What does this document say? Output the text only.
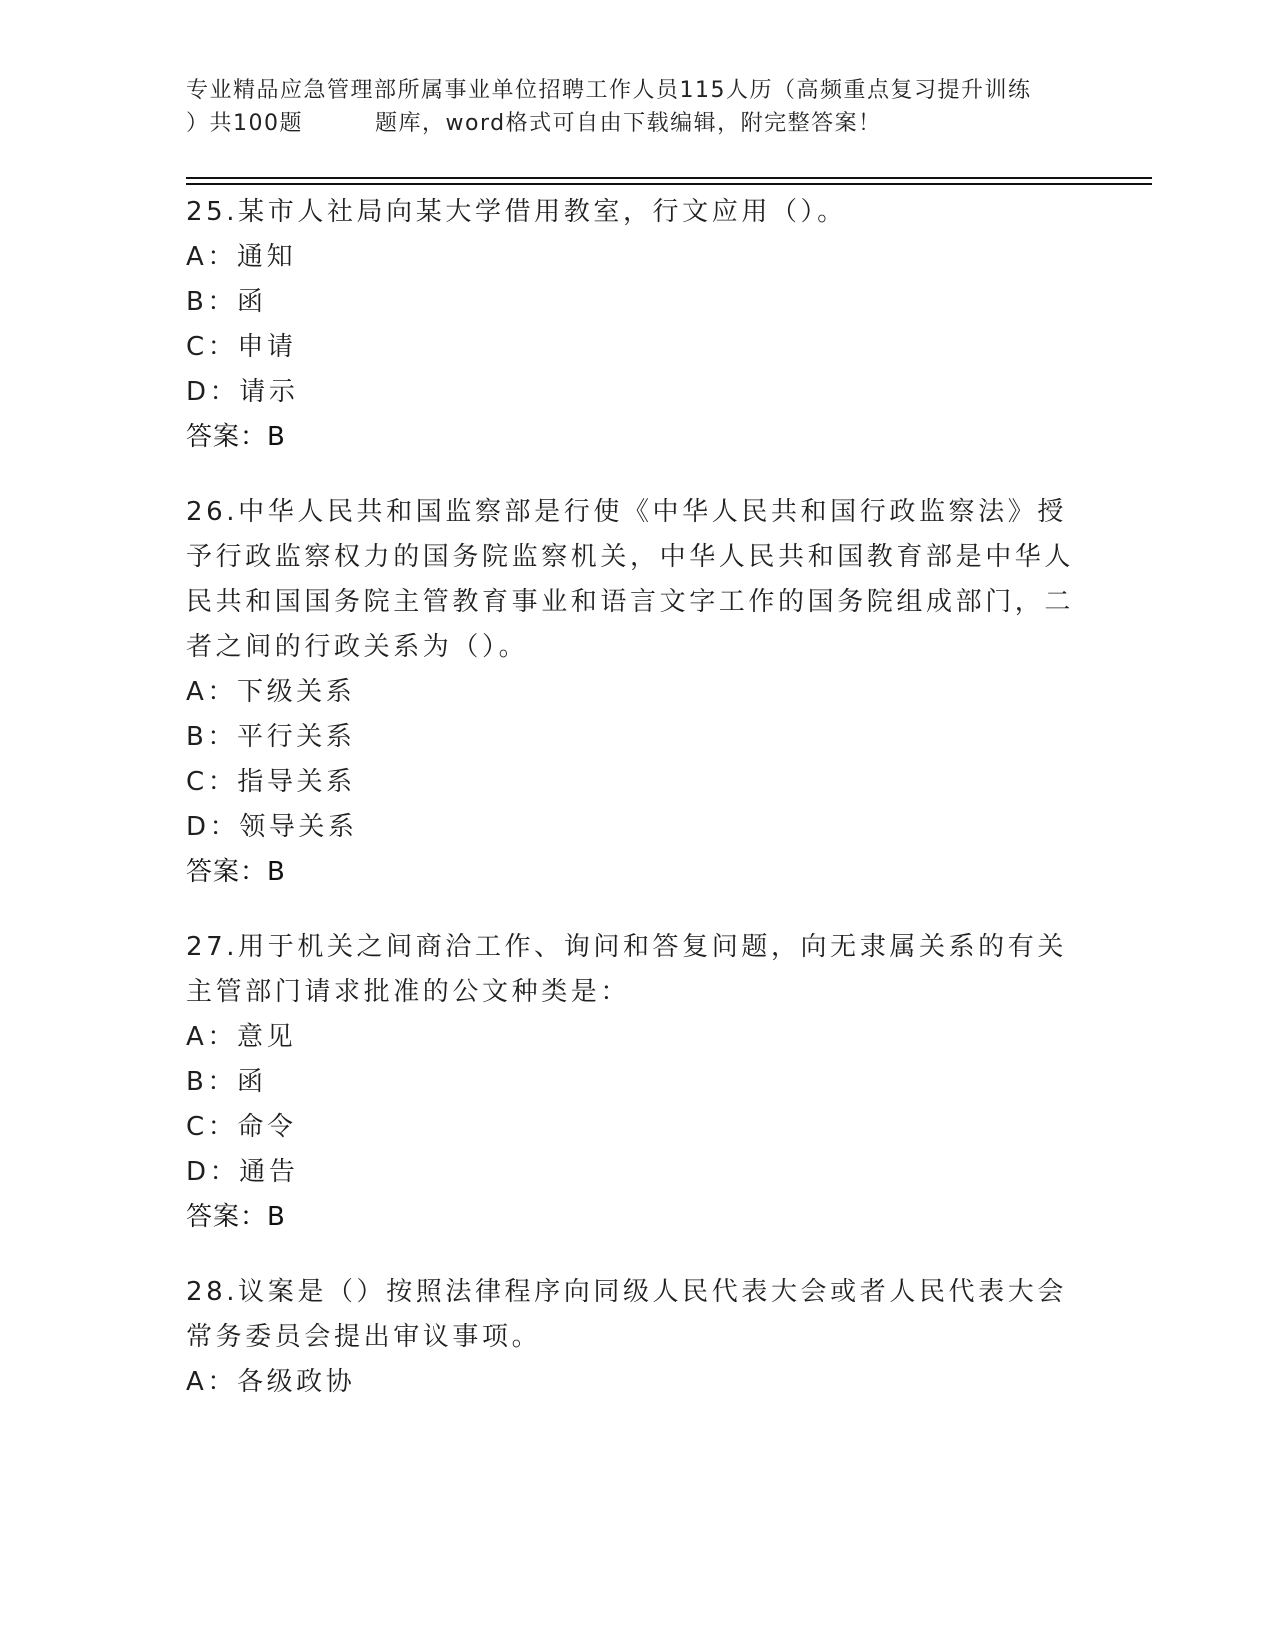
专业精品应急管理部所属事业单位招聘工作人员115人历（高频重点复习提升训练
）共100题	题库，word格式可自由下载编辑，附完整答案！

25.某市人社局向某大学借用教室，行文应用（）。

A：通知

B：函

C：申请

D：请示

答案：B

26.中华人民共和国监察部是行使《中华人民共和国行政监察法》授予行政监察权力的国务院监察机关，中华人民共和国教育部是中华人民共和国国务院主管教育事业和语言文字工作的国务院组成部门，二者之间的行政关系为（）。

A：下级关系

B：平行关系

C：指导关系

D：领导关系

答案：B

27.用于机关之间商洽工作、询问和答复问题，向无隶属关系的有关主管部门请求批准的公文种类是：

A：意见

B：函

C：命令

D：通告

答案：B

28.议案是（）按照法律程序向同级人民代表大会或者人民代表大会常务委员会提出审议事项。

A：各级政协
